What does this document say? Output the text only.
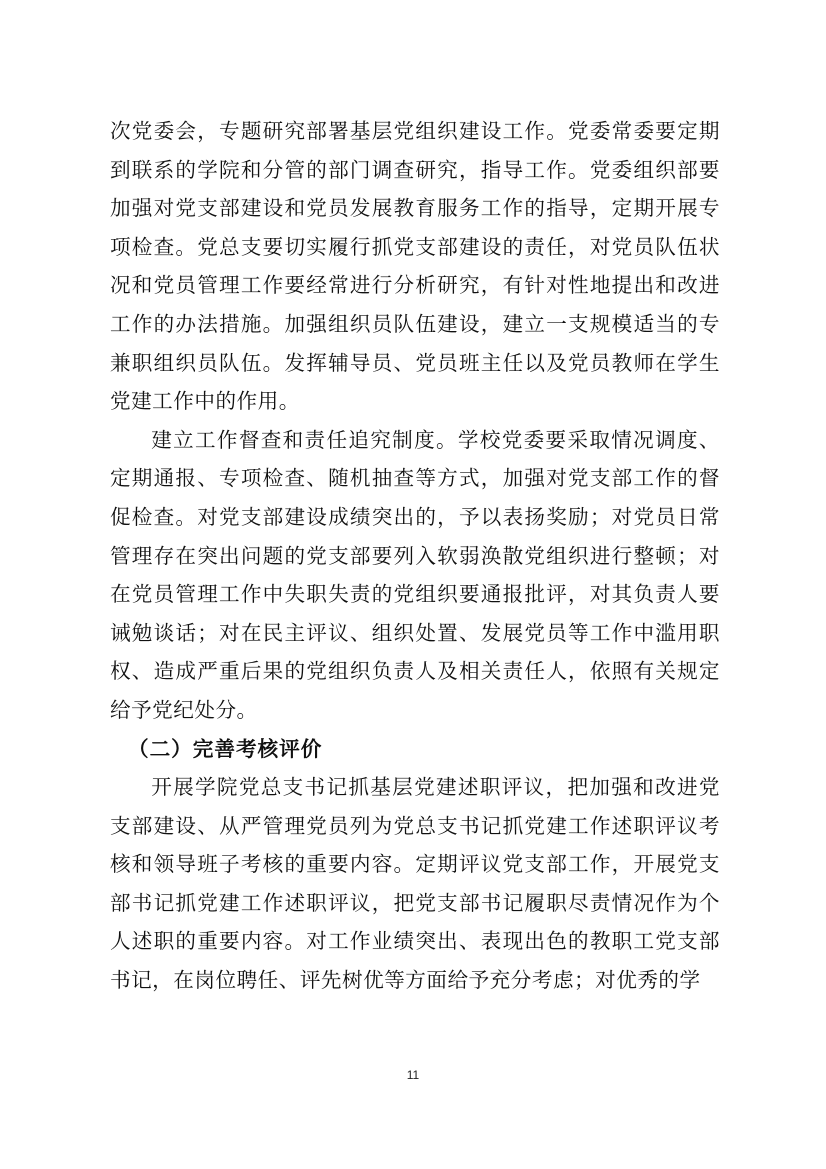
次党委会，专题研究部署基层党组织建设工作。党委常委要定期到联系的学院和分管的部门调查研究，指导工作。党委组织部要加强对党支部建设和党员发展教育服务工作的指导，定期开展专项检查。党总支要切实履行抓党支部建设的责任，对党员队伍状况和党员管理工作要经常进行分析研究，有针对性地提出和改进工作的办法措施。加强组织员队伍建设，建立一支规模适当的专兼职组织员队伍。发挥辅导员、党员班主任以及党员教师在学生党建工作中的作用。

建立工作督查和责任追究制度。学校党委要采取情况调度、定期通报、专项检查、随机抽查等方式，加强对党支部工作的督促检查。对党支部建设成绩突出的，予以表扬奖励；对党员日常管理存在突出问题的党支部要列入软弱涣散党组织进行整顿；对在党员管理工作中失职失责的党组织要通报批评，对其负责人要诫勉谈话；对在民主评议、组织处置、发展党员等工作中滥用职权、造成严重后果的党组织负责人及相关责任人，依照有关规定给予党纪处分。

（二）完善考核评价

开展学院党总支书记抓基层党建述职评议，把加强和改进党支部建设、从严管理党员列为党总支书记抓党建工作述职评议考核和领导班子考核的重要内容。定期评议党支部工作，开展党支部书记抓党建工作述职评议，把党支部书记履职尽责情况作为个人述职的重要内容。对工作业绩突出、表现出色的教职工党支部书记，在岗位聘任、评先树优等方面给予充分考虑；对优秀的学

11
